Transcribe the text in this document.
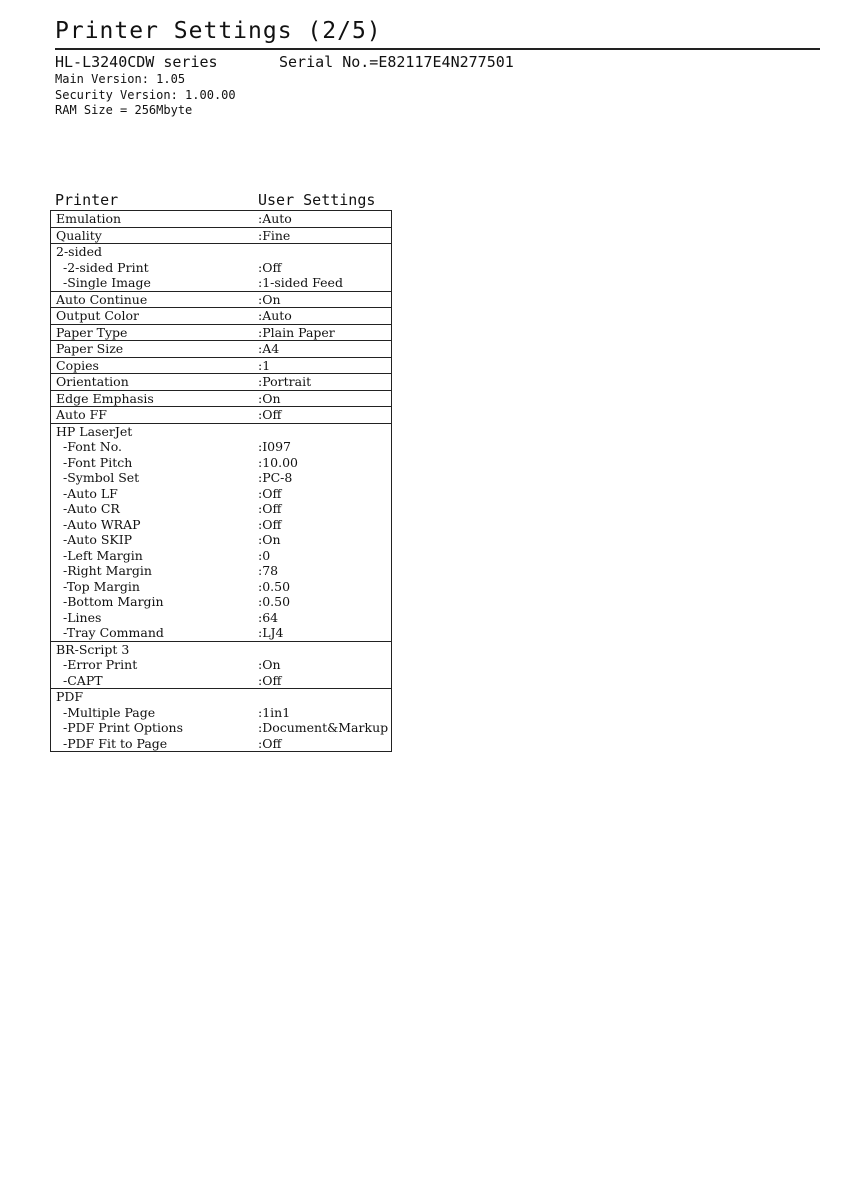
Printer Settings (2/5)
HL-L3240CDW series	Serial No.=E82117E4N277501
Main Version: 1.05
Security Version: 1.00.00
RAM Size = 256Mbyte
Printer	User Settings
Emulation	:Auto
Quality	:Fine
2-sided
-2-sided Print	:Off
-Single Image	:1-sided Feed
Auto Continue	:On
Output Color	:Auto
Paper Type	:Plain Paper
Paper Size	:A4
Copies	:1
Orientation	:Portrait
Edge Emphasis	:On
Auto FF	:Off
HP LaserJet
-Font No.	:I097
-Font Pitch	:10.00
-Symbol Set	:PC-8
-Auto LF	:Off
-Auto CR	:Off
-Auto WRAP	:Off
-Auto SKIP	:On
-Left Margin	:0
-Right Margin	:78
-Top Margin	:0.50
-Bottom Margin	:0.50
-Lines	:64
-Tray Command	:LJ4
BR-Script 3
-Error Print	:On
-CAPT	:Off
PDF
-Multiple Page	:1in1
-PDF Print Options	:Document&Markup
-PDF Fit to Page	:Off
